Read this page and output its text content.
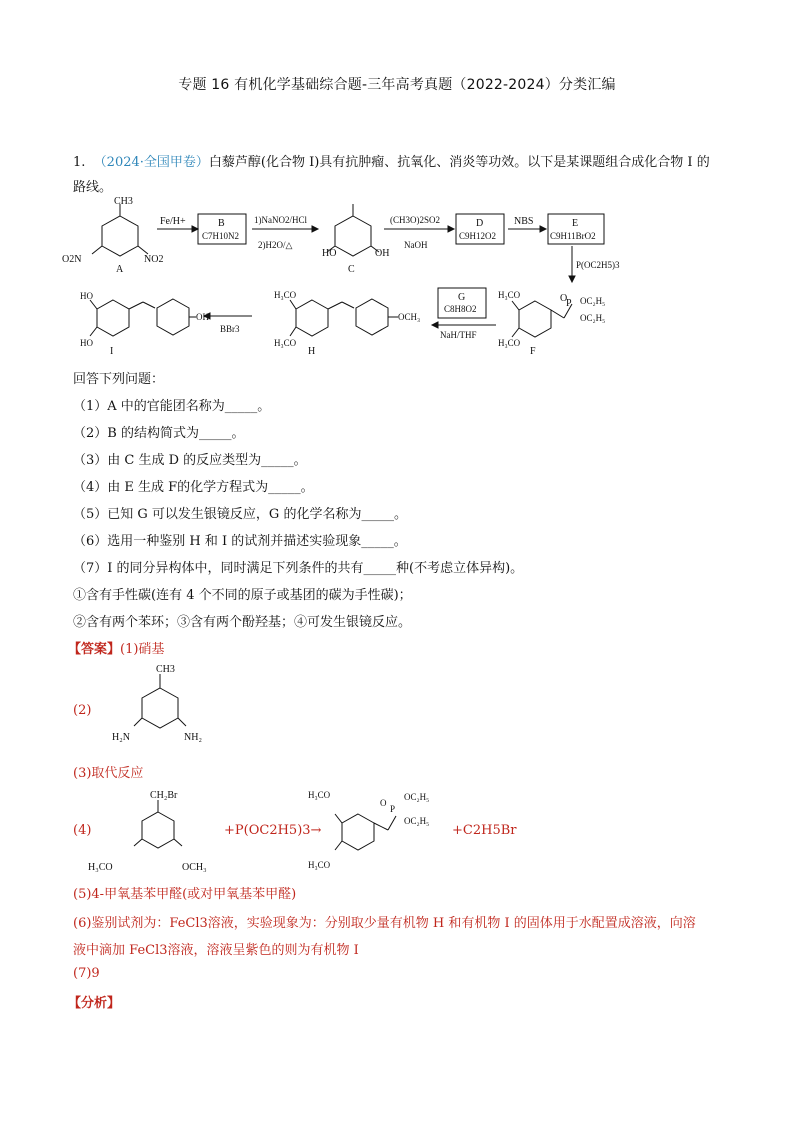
专题 16 有机化学基础综合题-三年高考真题（2022-2024）分类汇编
1. （2024·全国甲卷）白藜芦醇(化合物 I)具有抗肿瘤、抗氧化、消炎等功效。以下是某课题组合成化合物 I 的
路线。
CH3
O2N	NO2
A
Fe/H+	B
C7H10N2
1)NaNO2/HCl
2)H2O/△
C
(CH3O)2SO2
NaOH
D
C9H12O2
NBS	E
C9H11BrO2
P(OC2H5)3
F
G
C8H8O2
NaH/THF
H
BBr3
I
HO	OH
O
P OC₂H₅
OC₂H₅
H₃CO
H₃CO
H₃CO
H₃CO
OCH₃
HO
HO
OH
回答下列问题：
（1）A 中的官能团名称为_____。
（2）B 的结构简式为_____。
（3）由 C 生成 D 的反应类型为_____。
（4）由 E 生成 F的化学方程式为_____。
（5）已知 G 可以发生银镜反应，G 的化学名称为_____。
（6）选用一种鉴别 H 和 I 的试剂并描述实验现象_____。
（7）I 的同分异构体中，同时满足下列条件的共有_____种(不考虑立体异构)。
①含有手性碳(连有 4 个不同的原子或基团的碳为手性碳)；
②含有两个苯环；③含有两个酚羟基；④可发生银镜反应。
【答案】(1)硝基
(2)
CH3
H₂N	NH₂
(3)取代反应
(4)
CH₂Br
H₃CO	OCH₃
+P(OC2H5)3→
H₃CO
H₃CO
O
P
OC₂H₅
OC₂H₅
+C2H5Br
(5)4-甲氧基苯甲醛(或对甲氧基苯甲醛)
(6)鉴别试剂为：FeCl3溶液，实验现象为：分别取少量有机物 H 和有机物 I 的固体用于水配置成溶液，向溶
液中滴加 FeCl3溶液，溶液呈紫色的则为有机物 I
(7)9
【分析】
